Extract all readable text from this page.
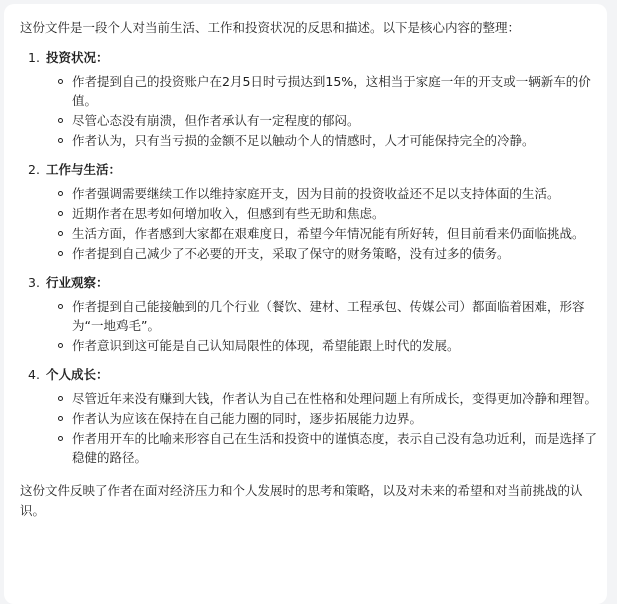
这份文件是一段个人对当前生活、工作和投资状况的反思和描述。以下是核心内容的整理：

1. 投资状况：
作者提到自己的投资账户在2月5日时亏损达到15%，这相当于家庭一年的开支或一辆新车的价值。
尽管心态没有崩溃，但作者承认有一定程度的郁闷。
作者认为，只有当亏损的金额不足以触动个人的情感时，人才可能保持完全的冷静。
2. 工作与生活：
作者强调需要继续工作以维持家庭开支，因为目前的投资收益还不足以支持体面的生活。
近期作者在思考如何增加收入，但感到有些无助和焦虑。
生活方面，作者感到大家都在艰难度日，希望今年情况能有所好转，但目前看来仍面临挑战。
作者提到自己减少了不必要的开支，采取了保守的财务策略，没有过多的债务。
3. 行业观察：
作者提到自己能接触到的几个行业（餐饮、建材、工程承包、传媒公司）都面临着困难，形容为“一地鸡毛”。
作者意识到这可能是自己认知局限性的体现，希望能跟上时代的发展。
4. 个人成长：
尽管近年来没有赚到大钱，作者认为自己在性格和处理问题上有所成长，变得更加冷静和理智。
作者认为应该在保持在自己能力圈的同时，逐步拓展能力边界。
作者用开车的比喻来形容自己在生活和投资中的谨慎态度，表示自己没有急功近利，而是选择了稳健的路径。

这份文件反映了作者在面对经济压力和个人发展时的思考和策略，以及对未来的希望和对当前挑战的认识。
